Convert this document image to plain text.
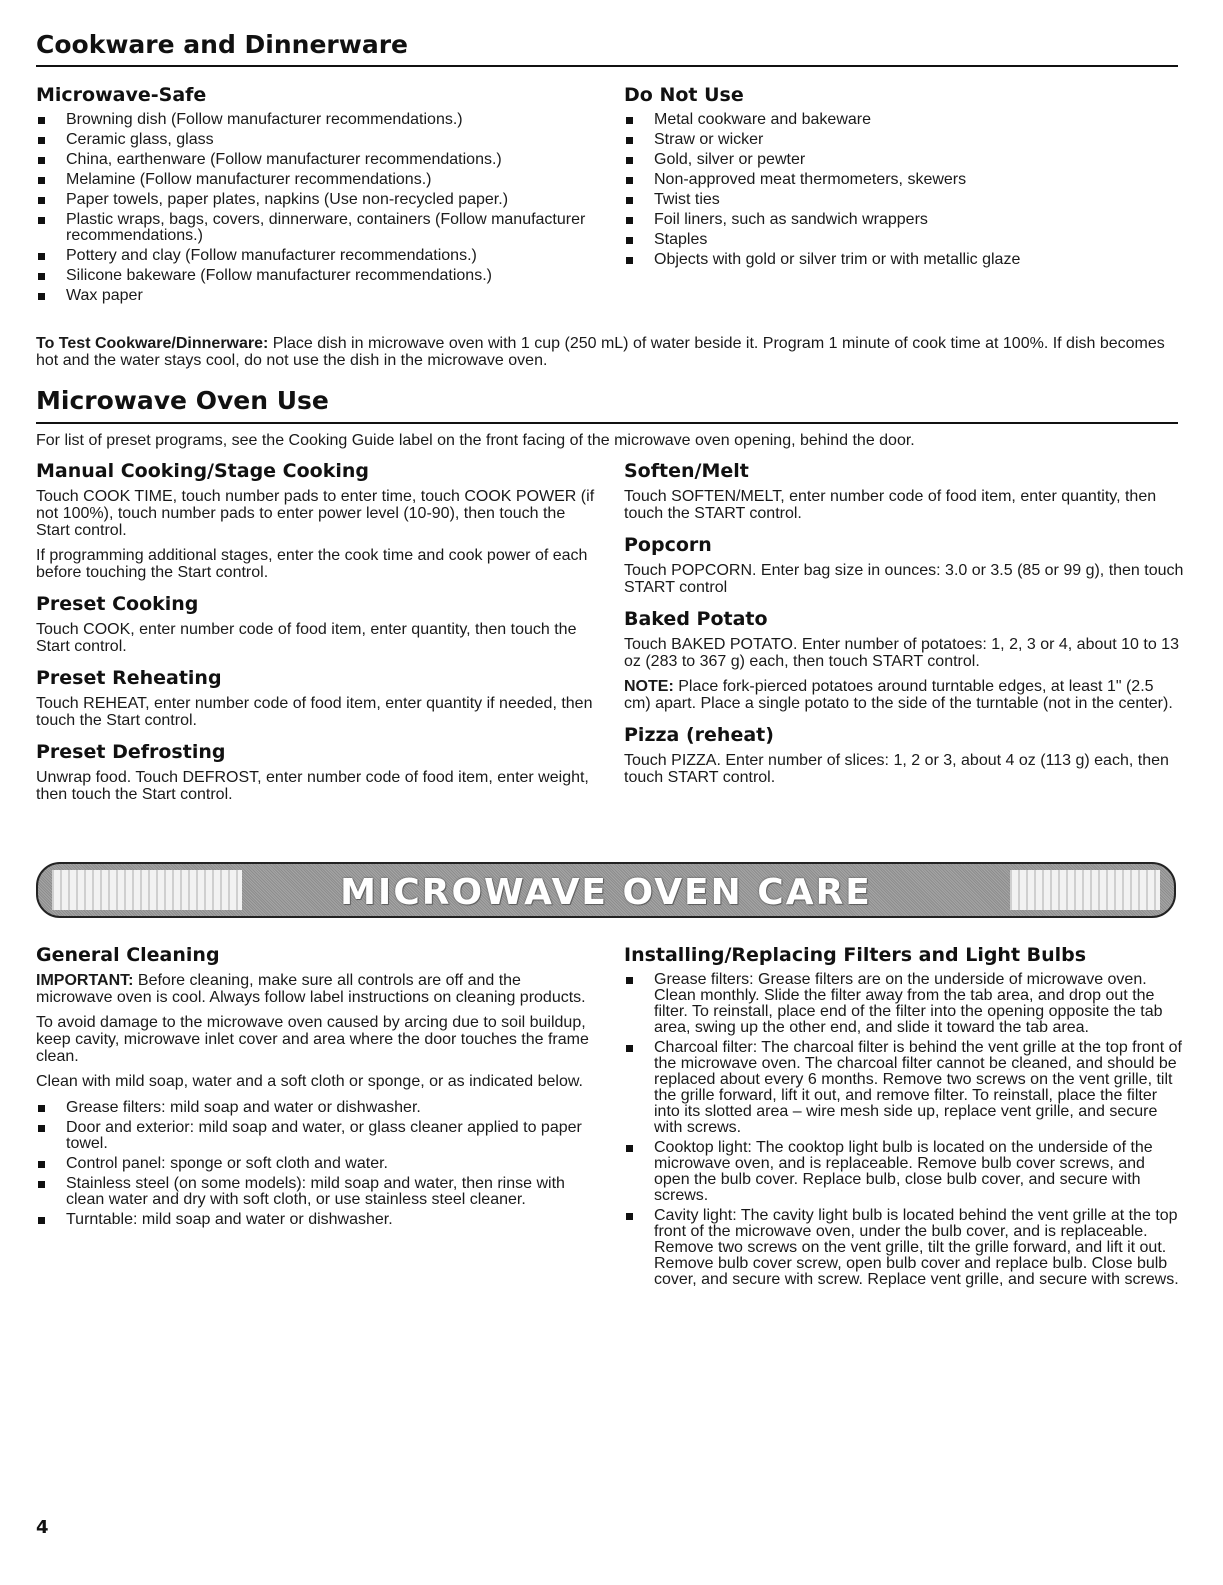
Cookware and Dinnerware
Microwave-Safe
Browning dish (Follow manufacturer recommendations.)
Ceramic glass, glass
China, earthenware (Follow manufacturer recommendations.)
Melamine (Follow manufacturer recommendations.)
Paper towels, paper plates, napkins (Use non-recycled paper.)
Plastic wraps, bags, covers, dinnerware, containers (Follow manufacturer recommendations.)
Pottery and clay (Follow manufacturer recommendations.)
Silicone bakeware (Follow manufacturer recommendations.)
Wax paper
Do Not Use
Metal cookware and bakeware
Straw or wicker
Gold, silver or pewter
Non-approved meat thermometers, skewers
Twist ties
Foil liners, such as sandwich wrappers
Staples
Objects with gold or silver trim or with metallic glaze

To Test Cookware/Dinnerware: Place dish in microwave oven with 1 cup (250 mL) of water beside it. Program 1 minute of cook time at 100%. If dish becomes hot and the water stays cool, do not use the dish in the microwave oven.

Microwave Oven Use

For list of preset programs, see the Cooking Guide label on the front facing of the microwave oven opening, behind the door.

Manual Cooking/Stage Cooking

Touch COOK TIME, touch number pads to enter time, touch COOK POWER (if not 100%), touch number pads to enter power level (10-90), then touch the Start control.

If programming additional stages, enter the cook time and cook power of each before touching the Start control.

Preset Cooking

Touch COOK, enter number code of food item, enter quantity, then touch the Start control.

Preset Reheating

Touch REHEAT, enter number code of food item, enter quantity if needed, then touch the Start control.

Preset Defrosting

Unwrap food. Touch DEFROST, enter number code of food item, enter weight, then touch the Start control.

Soften/Melt

Touch SOFTEN/MELT, enter number code of food item, enter quantity, then touch the START control.

Popcorn

Touch POPCORN. Enter bag size in ounces: 3.0 or 3.5 (85 or 99 g), then touch START control

Baked Potato

Touch BAKED POTATO. Enter number of potatoes: 1, 2, 3 or 4, about 10 to 13 oz (283 to 367 g) each, then touch START control.

NOTE: Place fork-pierced potatoes around turntable edges, at least 1" (2.5 cm) apart. Place a single potato to the side of the turntable (not in the center).

Pizza (reheat)

Touch PIZZA. Enter number of slices: 1, 2 or 3, about 4 oz (113 g) each, then touch START control.

MICROWAVE OVEN CARE
General Cleaning

IMPORTANT: Before cleaning, make sure all controls are off and the microwave oven is cool. Always follow label instructions on cleaning products.

To avoid damage to the microwave oven caused by arcing due to soil buildup, keep cavity, microwave inlet cover and area where the door touches the frame clean.

Clean with mild soap, water and a soft cloth or sponge, or as indicated below.

Grease filters: mild soap and water or dishwasher.
Door and exterior: mild soap and water, or glass cleaner applied to paper towel.
Control panel: sponge or soft cloth and water.
Stainless steel (on some models): mild soap and water, then rinse with clean water and dry with soft cloth, or use stainless steel cleaner.
Turntable: mild soap and water or dishwasher.
Installing/Replacing Filters and Light Bulbs
Grease filters: Grease filters are on the underside of microwave oven. Clean monthly. Slide the filter away from the tab area, and drop out the filter. To reinstall, place end of the filter into the opening opposite the tab area, swing up the other end, and slide it toward the tab area.
Charcoal filter: The charcoal filter is behind the vent grille at the top front of the microwave oven. The charcoal filter cannot be cleaned, and should be replaced about every 6 months. Remove two screws on the vent grille, tilt the grille forward, lift it out, and remove filter. To reinstall, place the filter into its slotted area – wire mesh side up, replace vent grille, and secure with screws.
Cooktop light: The cooktop light bulb is located on the underside of the microwave oven, and is replaceable. Remove bulb cover screws, and open the bulb cover. Replace bulb, close bulb cover, and secure with screws.
Cavity light: The cavity light bulb is located behind the vent grille at the top front of the microwave oven, under the bulb cover, and is replaceable. Remove two screws on the vent grille, tilt the grille forward, and lift it out. Remove bulb cover screw, open bulb cover and replace bulb. Close bulb cover, and secure with screw. Replace vent grille, and secure with screws.
4
